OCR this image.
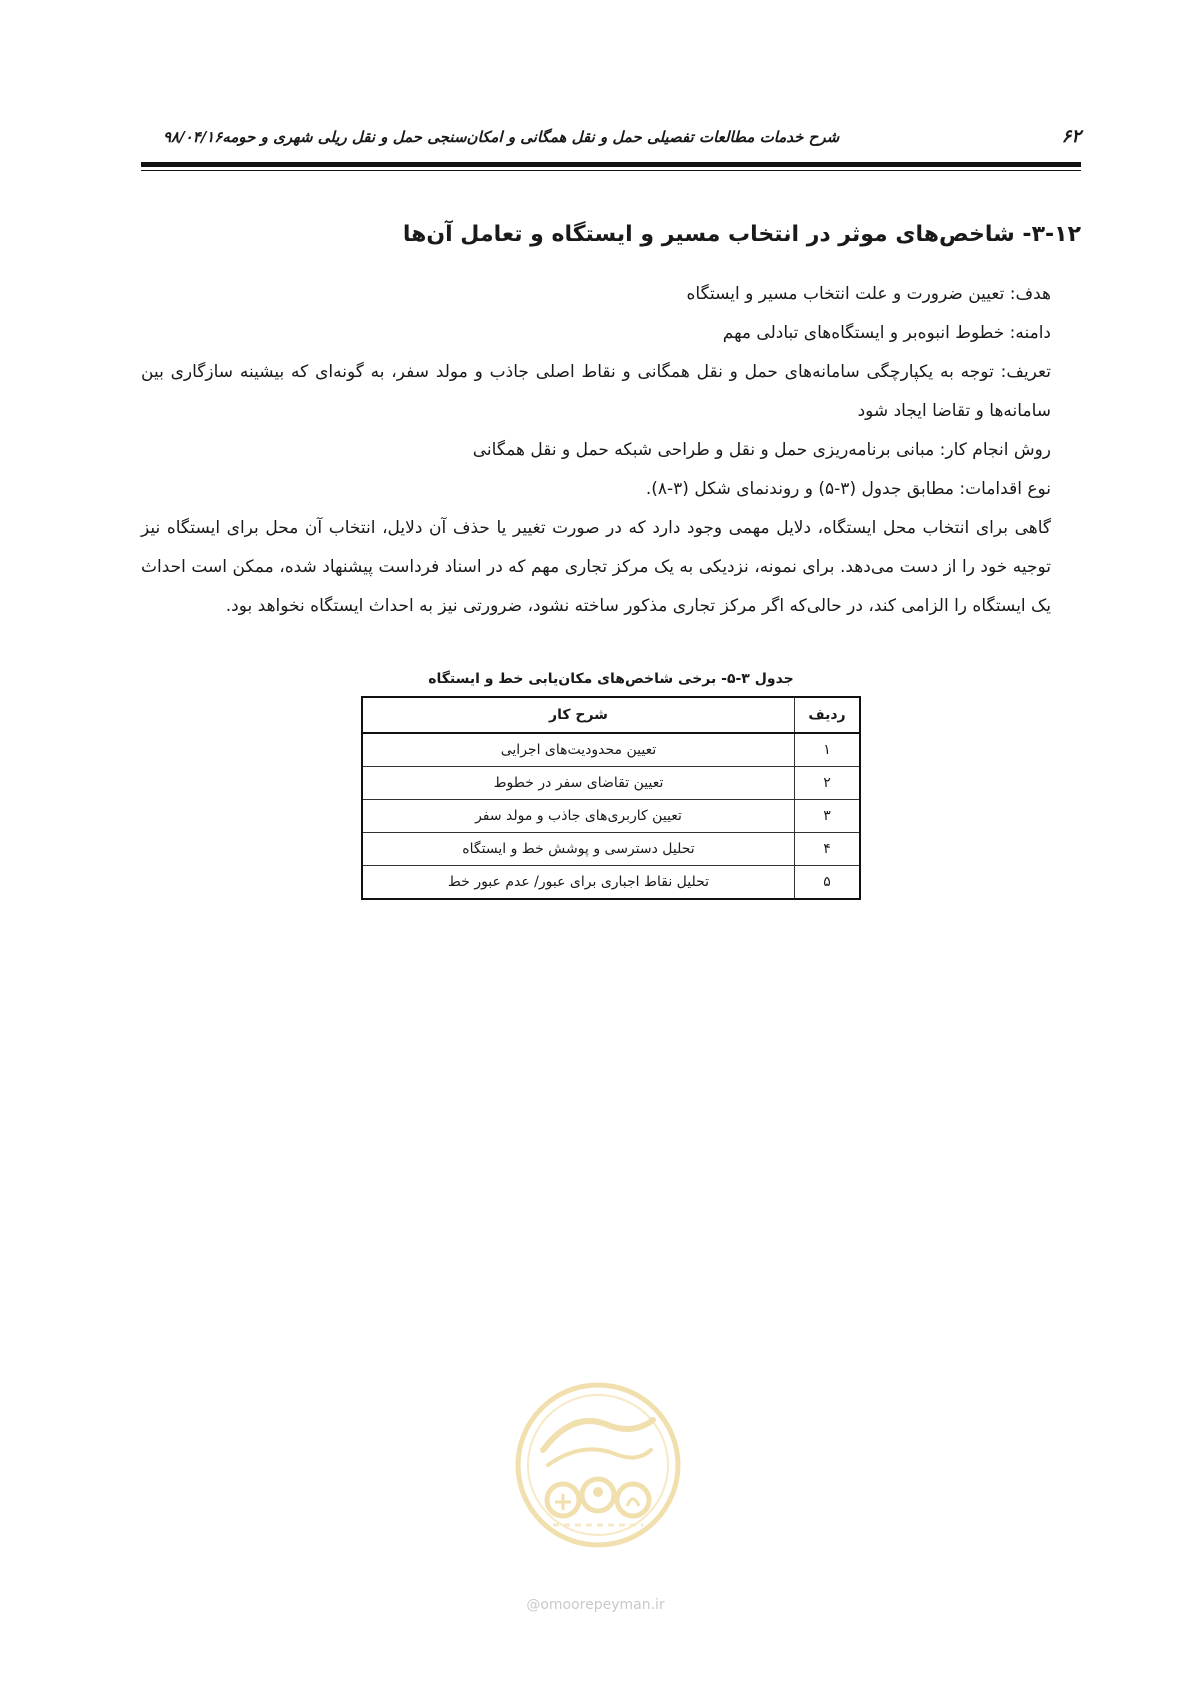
۶۲
شرح خدمات مطالعات تفصیلی حمل و نقل همگانی و امکان‌سنجی حمل و نقل ریلی شهری و حومه۹۸/۰۴/۱۶
۳-۱۲- شاخص‌های موثر در انتخاب مسیر و ایستگاه و تعامل آن‌ها

هدف: تعیین ضرورت و علت انتخاب مسیر و ایستگاه

دامنه: خطوط انبوه‌بر و ایستگاه‌های تبادلی مهم

تعریف: توجه به یکپارچگی سامانه‌های حمل و نقل همگانی و نقاط اصلی جاذب و مولد سفر، به گونه‌ای که بیشینه سازگاری بین سامانه‌ها و تقاضا ایجاد شود

روش انجام کار: مبانی برنامه‌ریزی حمل و نقل و طراحی شبکه حمل و نقل همگانی

نوع اقدامات: مطابق جدول (۳-۵) و روندنمای شکل (۳-۸).

گاهی برای انتخاب محل ایستگاه، دلایل مهمی وجود دارد که در صورت تغییر یا حذف آن دلایل، انتخاب آن محل برای ایستگاه نیز توجیه خود را از دست می‌دهد. برای نمونه، نزدیکی به یک مرکز تجاری مهم که در اسناد فرداست پیشنهاد شده، ممکن است احداث یک ایستگاه را الزامی کند، در حالی‌که اگر مرکز تجاری مذکور ساخته نشود، ضرورتی نیز به احداث ایستگاه نخواهد بود.

جدول ۳-۵- برخی شاخص‌های مکان‌یابی خط و ایستگاه
ردیف	شرح کار
۱	تعیین محدودیت‌های اجرایی
۲	تعیین تقاضای سفر در خطوط
۳	تعیین کاربری‌های جاذب و مولد سفر
۴	تحلیل دسترسی و پوشش خط و ایستگاه
۵	تحلیل نقاط اجباری برای عبور/ عدم عبور خط
@omoorepeyman.ir
